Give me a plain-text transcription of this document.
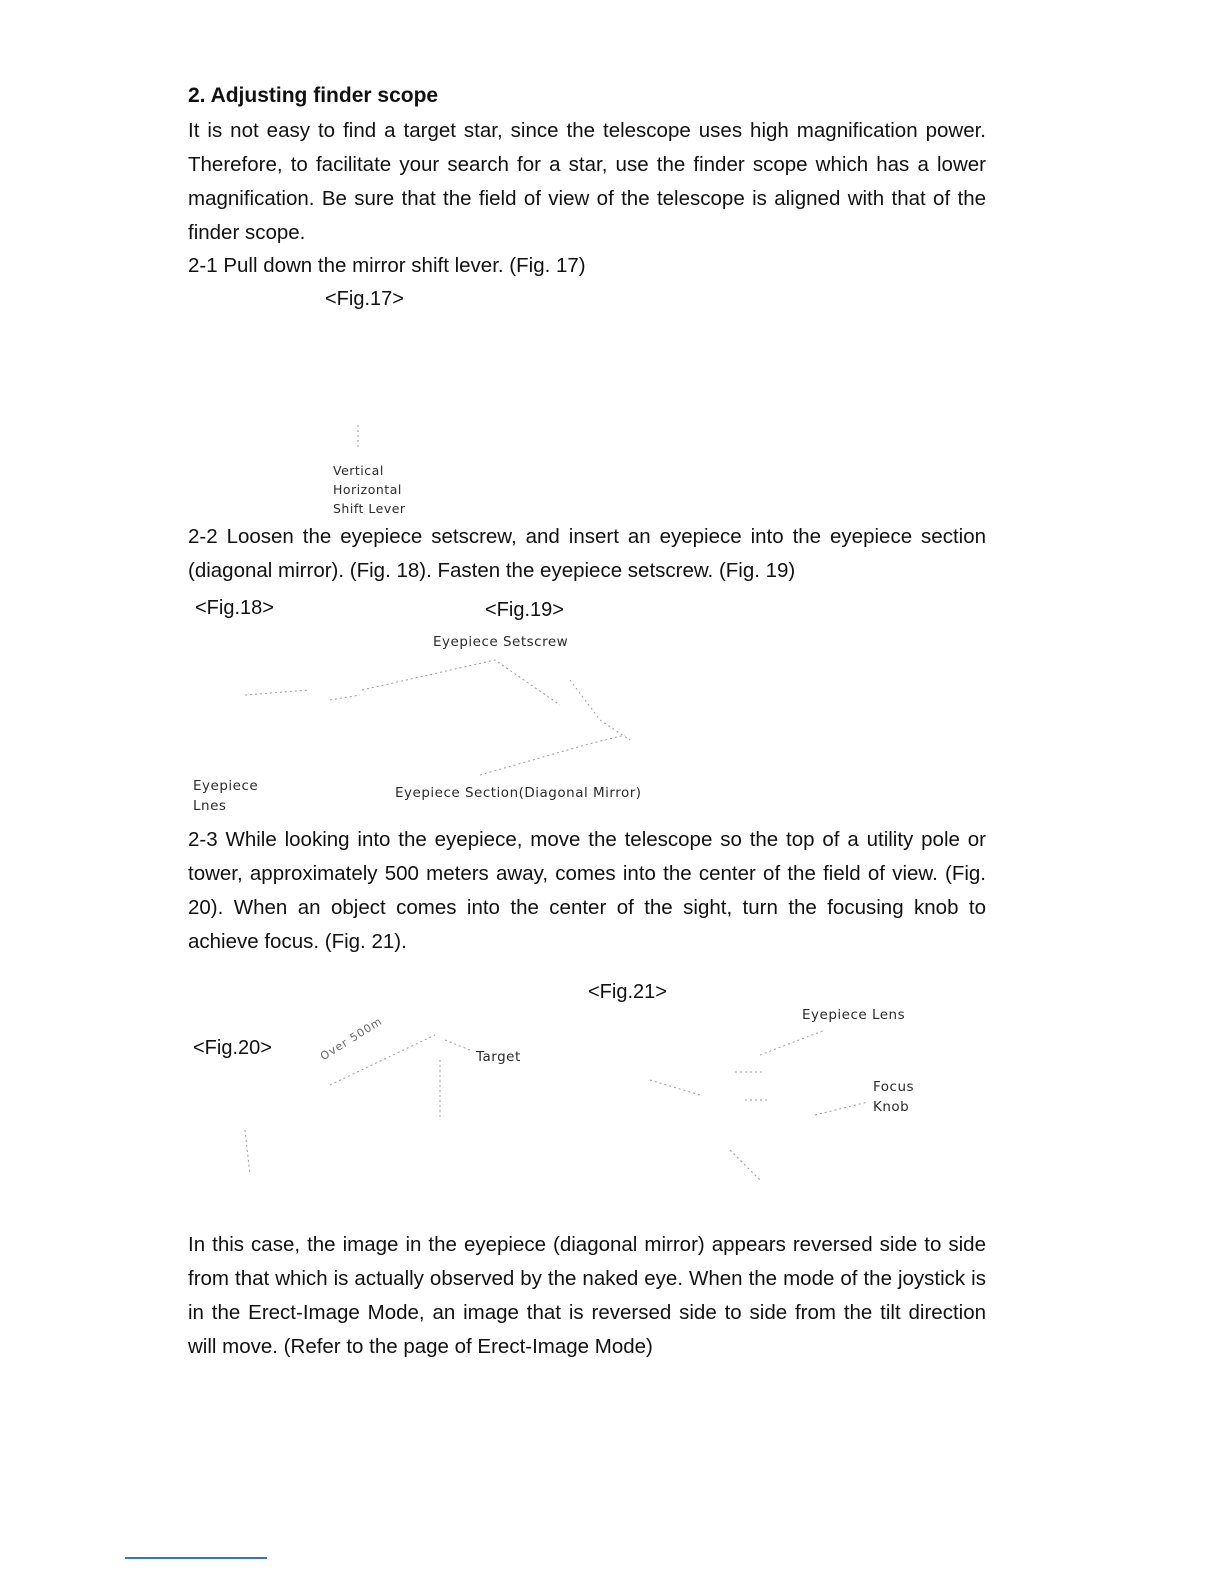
2. Adjusting finder scope
It is not easy to find a target star, since the telescope uses high magnification power. Therefore, to facilitate your search for a star, use the finder scope which has a lower magnification. Be sure that the field of view of the telescope is aligned with that of the finder scope.
2-1 Pull down the mirror shift lever. (Fig. 17)
<Fig.17>
Vertical
Horizontal
Shift Lever
2-2 Loosen the eyepiece setscrew, and insert an eyepiece into the eyepiece section (diagonal mirror). (Fig. 18). Fasten the eyepiece setscrew. (Fig. 19)
<Fig.18>	<Fig.19>
Eyepiece Setscrew
Eyepiece
Lnes
Eyepiece Section(Diagonal Mirror)
2-3 While looking into the eyepiece, move the telescope so the top of a utility pole or tower, approximately 500 meters away, comes into the center of the field of view. (Fig. 20). When an object comes into the center of the sight, turn the focusing knob to achieve focus. (Fig. 21).
<Fig.21>
Eyepiece Lens
<Fig.20>	Target
Focus
Knob
Over 500m
In this case, the image in the eyepiece (diagonal mirror) appears reversed side to side from that which is actually observed by the naked eye. When the mode of the joystick is in the Erect-Image Mode, an image that is reversed side to side from the tilt direction will move. (Refer to the page of Erect-Image Mode)
